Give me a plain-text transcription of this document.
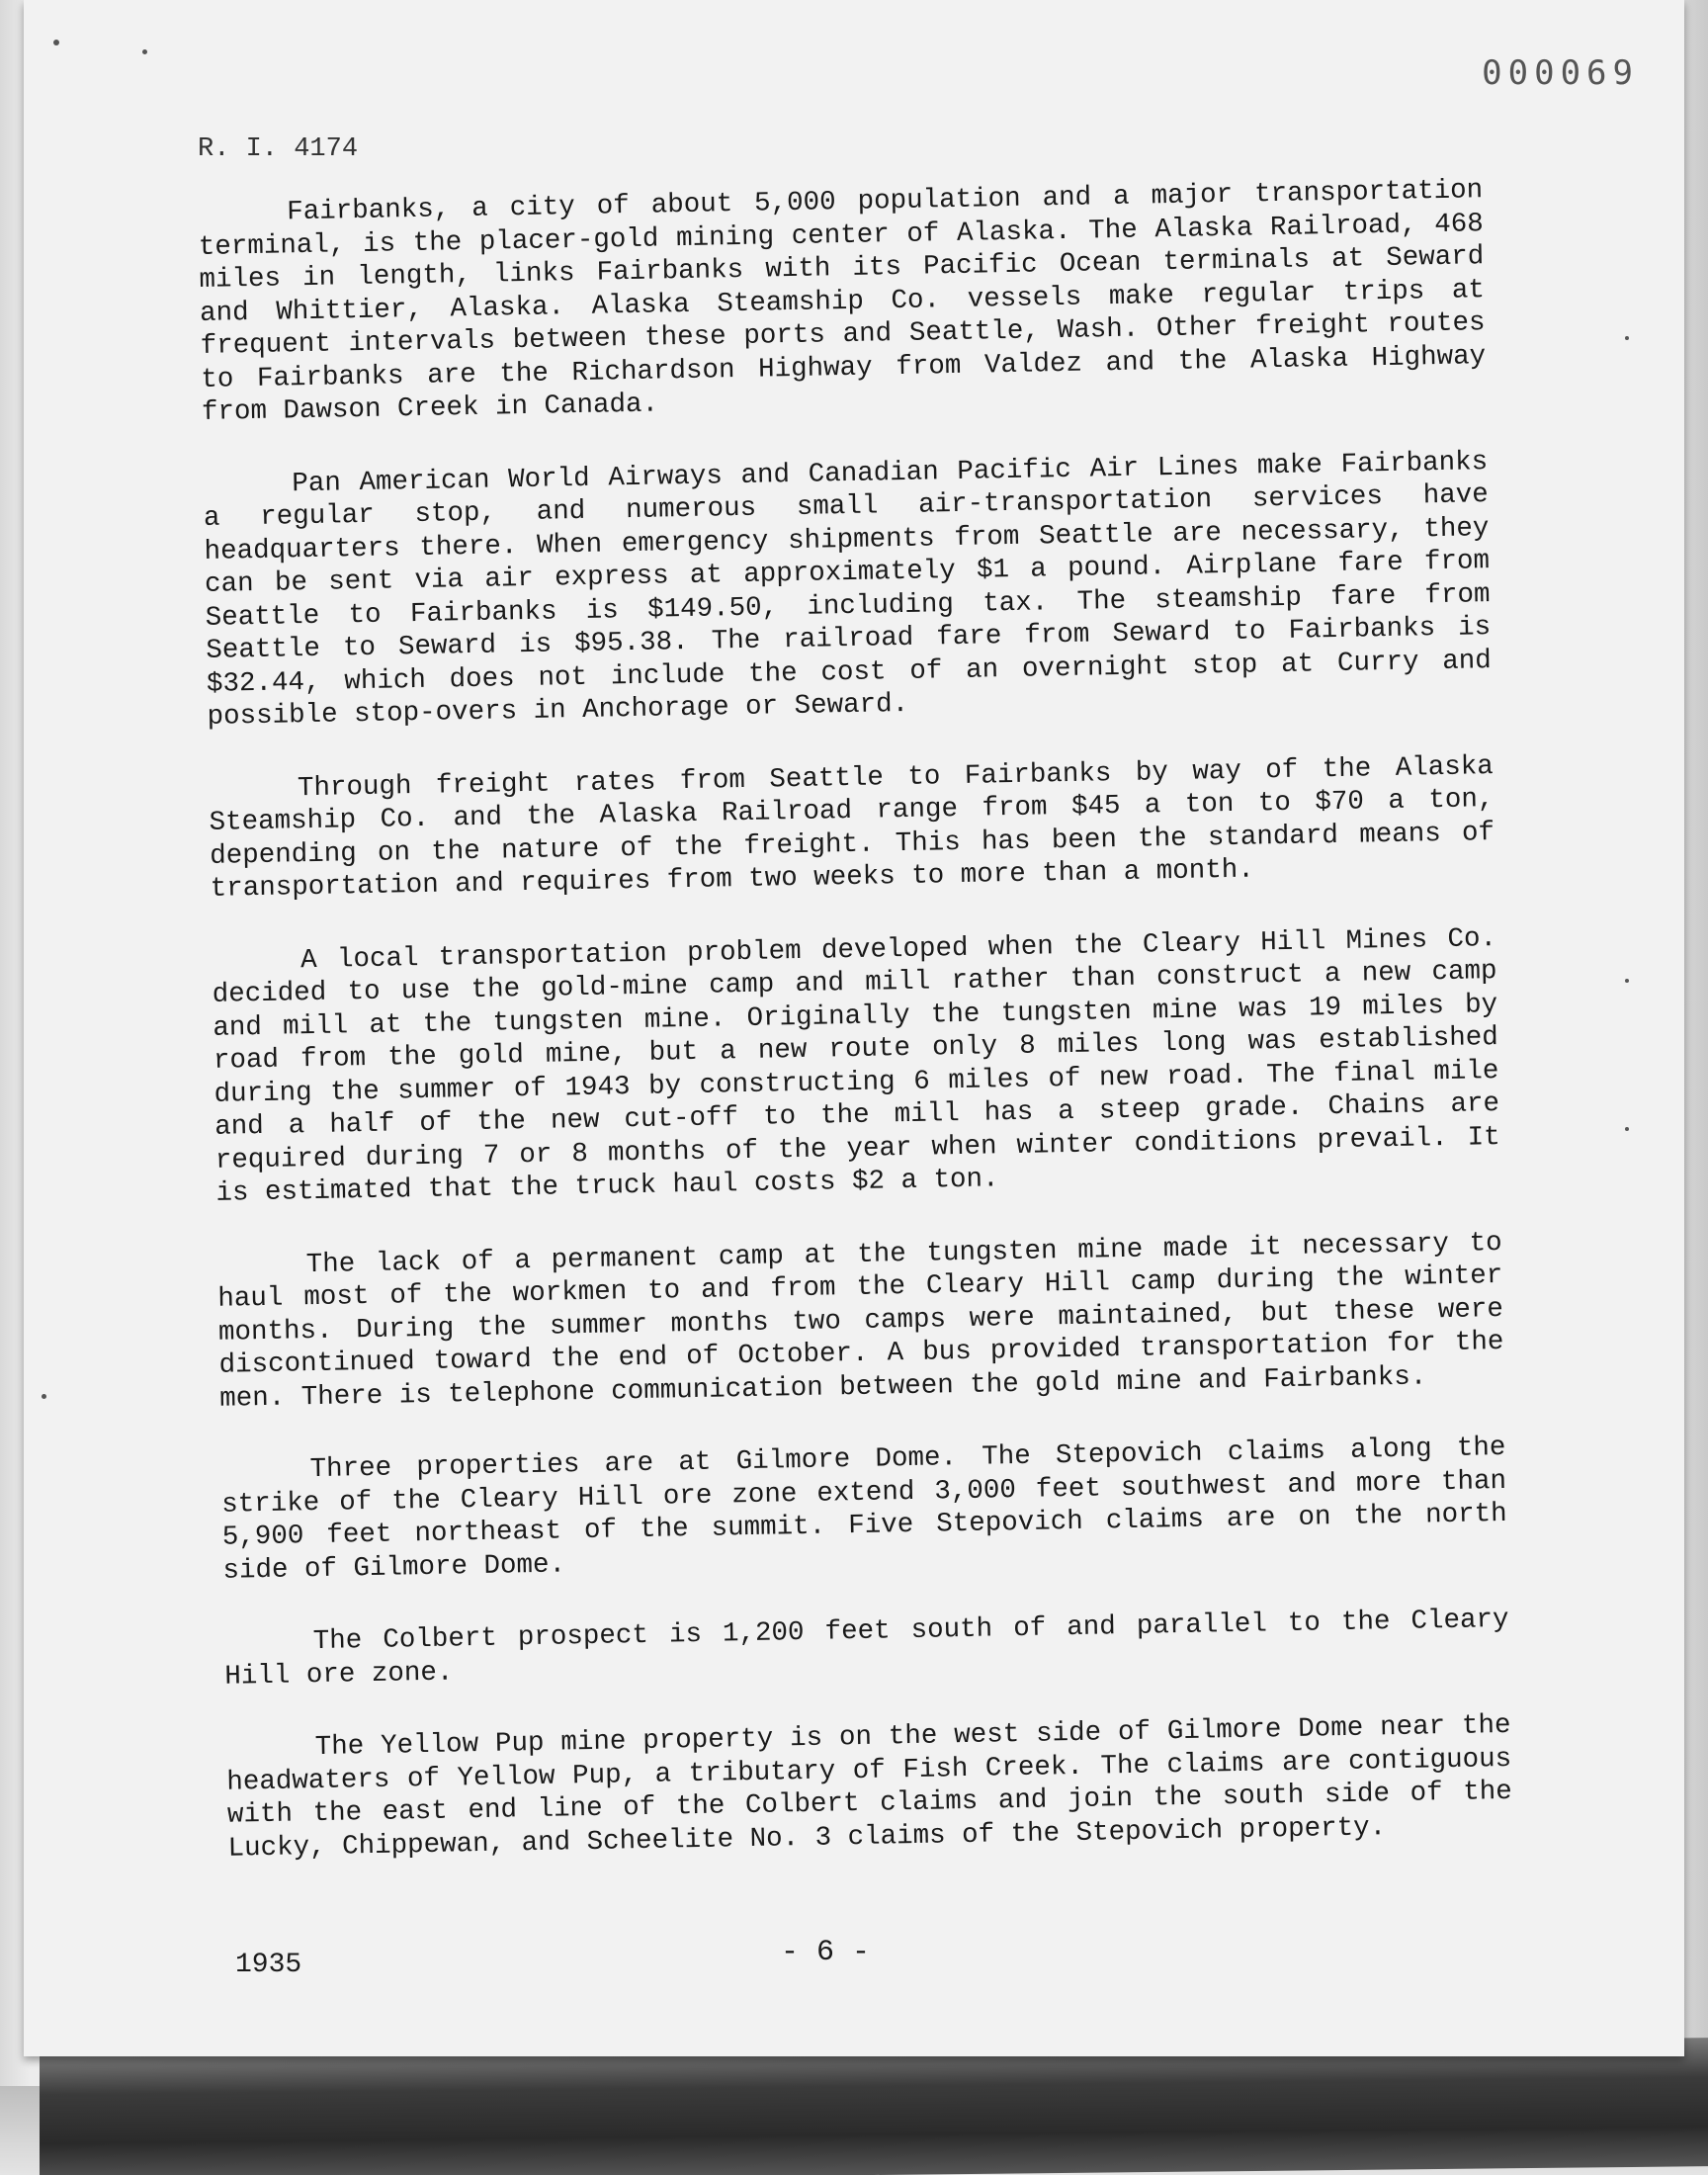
000069
R. I. 4174

Fairbanks, a city of about 5,000 population and a major transportation terminal, is the placer-gold mining center of Alaska. The Alaska Railroad, 468 miles in length, links Fairbanks with its Pacific Ocean terminals at Seward and Whittier, Alaska. Alaska Steamship Co. vessels make regular trips at frequent intervals between these ports and Seattle, Wash. Other freight routes to Fairbanks are the Richardson Highway from Valdez and the Alaska Highway from Dawson Creek in Canada.

Pan American World Airways and Canadian Pacific Air Lines make Fairbanks a regular stop, and numerous small air-transportation services have headquarters there. When emergency shipments from Seattle are necessary, they can be sent via air express at approximately $1 a pound. Airplane fare from Seattle to Fairbanks is $149.50, including tax. The steamship fare from Seattle to Seward is $95.38. The railroad fare from Seward to Fairbanks is $32.44, which does not include the cost of an overnight stop at Curry and possible stop-overs in Anchorage or Seward.

Through freight rates from Seattle to Fairbanks by way of the Alaska Steamship Co. and the Alaska Railroad range from $45 a ton to $70 a ton, depending on the nature of the freight. This has been the standard means of transportation and requires from two weeks to more than a month.

A local transportation problem developed when the Cleary Hill Mines Co. decided to use the gold-mine camp and mill rather than construct a new camp and mill at the tungsten mine. Originally the tungsten mine was 19 miles by road from the gold mine, but a new route only 8 miles long was established during the summer of 1943 by constructing 6 miles of new road. The final mile and a half of the new cut-off to the mill has a steep grade. Chains are required during 7 or 8 months of the year when winter conditions prevail. It is estimated that the truck haul costs $2 a ton.

The lack of a permanent camp at the tungsten mine made it necessary to haul most of the workmen to and from the Cleary Hill camp during the winter months. During the summer months two camps were maintained, but these were discontinued toward the end of October. A bus provided transportation for the men. There is telephone communication between the gold mine and Fairbanks.

Three properties are at Gilmore Dome. The Stepovich claims along the strike of the Cleary Hill ore zone extend 3,000 feet southwest and more than 5,900 feet northeast of the summit. Five Stepovich claims are on the north side of Gilmore Dome.

The Colbert prospect is 1,200 feet south of and parallel to the Cleary Hill ore zone.

The Yellow Pup mine property is on the west side of Gilmore Dome near the headwaters of Yellow Pup, a tributary of Fish Creek. The claims are contiguous with the east end line of the Colbert claims and join the south side of the Lucky, Chippewan, and Scheelite No. 3 claims of the Stepovich property.

1935	- 6 -
